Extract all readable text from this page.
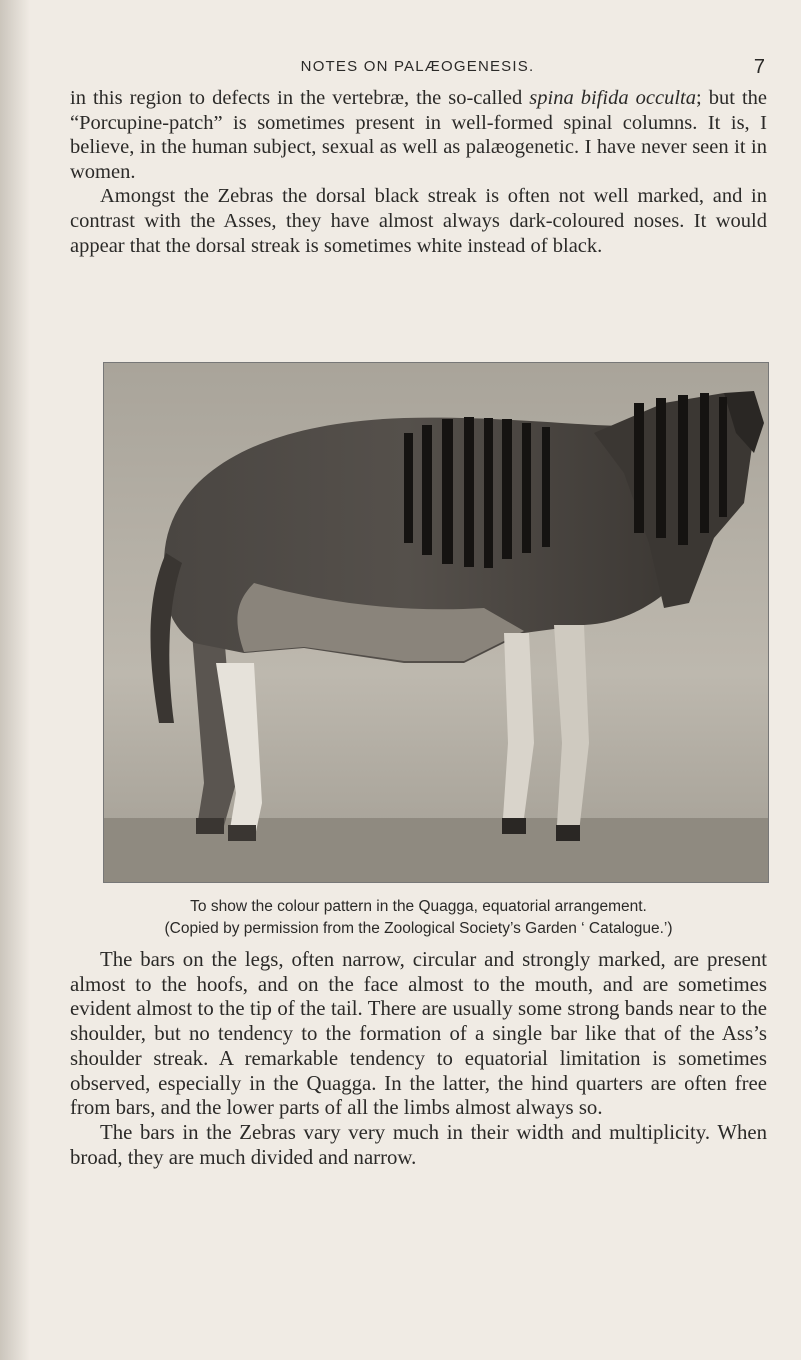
NOTES ON PALÆOGENESIS.	7

in this region to defects in the vertebræ, the so-called spina bifida occulta; but the “Porcupine-patch” is sometimes present in well-formed spinal columns. It is, I believe, in the human subject, sexual as well as palæogenetic. I have never seen it in women.

Amongst the Zebras the dorsal black streak is often not well marked, and in contrast with the Asses, they have almost always dark-coloured noses. It would appear that the dorsal streak is sometimes white instead of black.

To show the colour pattern in the Quagga, equatorial arrangement.
(Copied by permission from the Zoological Society’s Garden ‘ Catalogue.’)

The bars on the legs, often narrow, circular and strongly marked, are present almost to the hoofs, and on the face almost to the mouth, and are sometimes evident almost to the tip of the tail. There are usually some strong bands near to the shoulder, but no tendency to the formation of a single bar like that of the Ass’s shoulder streak. A remarkable tendency to equatorial limitation is sometimes observed, especially in the Quagga. In the latter, the hind quarters are often free from bars, and the lower parts of all the limbs almost always so.

The bars in the Zebras vary very much in their width and multiplicity. When broad, they are much divided and narrow.
